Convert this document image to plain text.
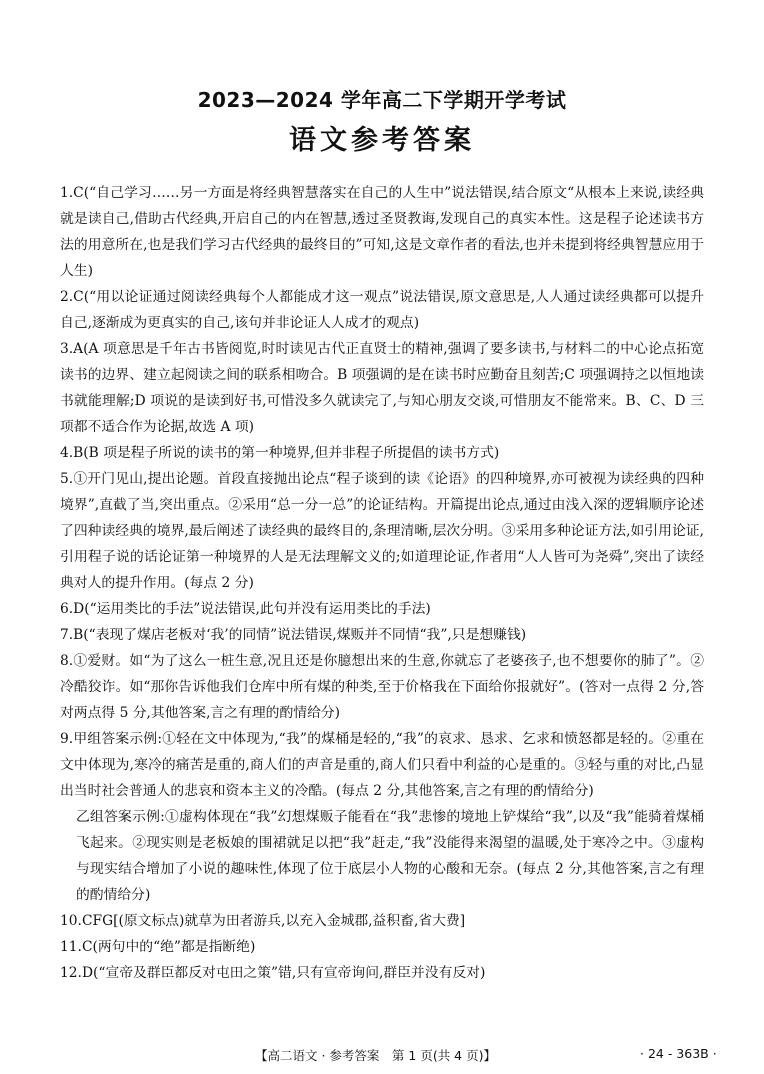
2023—2024 学年高二下学期开学考试
语文参考答案

1.C(“自己学习……另一方面是将经典智慧落实在自己的人生中”说法错误,结合原文“从根本上来说,读经典就是读自己,借助古代经典,开启自己的内在智慧,透过圣贤教诲,发现自己的真实本性。这是程子论述读书方法的用意所在,也是我们学习古代经典的最终目的”可知,这是文章作者的看法,也并未提到将经典智慧应用于人生)

2.C(“用以论证通过阅读经典每个人都能成才这一观点”说法错误,原文意思是,人人通过读经典都可以提升自己,逐渐成为更真实的自己,该句并非论证人人成才的观点)

3.A(A 项意思是千年古书皆阅览,时时读见古代正直贤士的精神,强调了要多读书,与材料二的中心论点拓宽读书的边界、建立起阅读之间的联系相吻合。B 项强调的是在读书时应勤奋且刻苦;C 项强调持之以恒地读书就能理解;D 项说的是读到好书,可惜没多久就读完了,与知心朋友交谈,可惜朋友不能常来。B、C、D 三项都不适合作为论据,故选 A 项)

4.B(B 项是程子所说的读书的第一种境界,但并非程子所提倡的读书方式)

5.①开门见山,提出论题。首段直接抛出论点“程子谈到的读《论语》的四种境界,亦可被视为读经典的四种境界”,直截了当,突出重点。②采用“总一分一总”的论证结构。开篇提出论点,通过由浅入深的逻辑顺序论述了四种读经典的境界,最后阐述了读经典的最终目的,条理清晰,层次分明。③采用多种论证方法,如引用论证,引用程子说的话论证第一种境界的人是无法理解文义的;如道理论证,作者用“人人皆可为尧舜”,突出了读经典对人的提升作用。(每点 2 分)

6.D(“运用类比的手法”说法错误,此句并没有运用类比的手法)

7.B(“表现了煤店老板对‘我’的同情”说法错误,煤贩并不同情“我”,只是想赚钱)

8.①爱财。如“为了这么一桩生意,况且还是你臆想出来的生意,你就忘了老婆孩子,也不想要你的肺了”。②冷酷狡诈。如“那你告诉他我们仓库中所有煤的种类,至于价格我在下面给你报就好”。(答对一点得 2 分,答对两点得 5 分,其他答案,言之有理的酌情给分)

9.甲组答案示例:①轻在文中体现为,“我”的煤桶是轻的,“我”的哀求、恳求、乞求和愤怒都是轻的。②重在文中体现为,寒冷的痛苦是重的,商人们的声音是重的,商人们只看中利益的心是重的。③轻与重的对比,凸显出当时社会普通人的悲哀和资本主义的冷酷。(每点 2 分,其他答案,言之有理的酌情给分)

乙组答案示例:①虚构体现在“我”幻想煤贩子能看在“我”悲惨的境地上铲煤给“我”,以及“我”能骑着煤桶飞起来。②现实则是老板娘的围裙就足以把“我”赶走,“我”没能得来渴望的温暖,处于寒冷之中。③虚构与现实结合增加了小说的趣味性,体现了位于底层小人物的心酸和无奈。(每点 2 分,其他答案,言之有理的酌情给分)

10.CFG[(原文标点)就草为田者游兵,以充入金城郡,益积畜,省大费]

11.C(两句中的“绝”都是指断绝)

12.D(“宣帝及群臣都反对屯田之策”错,只有宣帝询问,群臣并没有反对)

【高二语文 · 参考答案　第 1 页(共 4 页)】	· 24 - 363B ·
